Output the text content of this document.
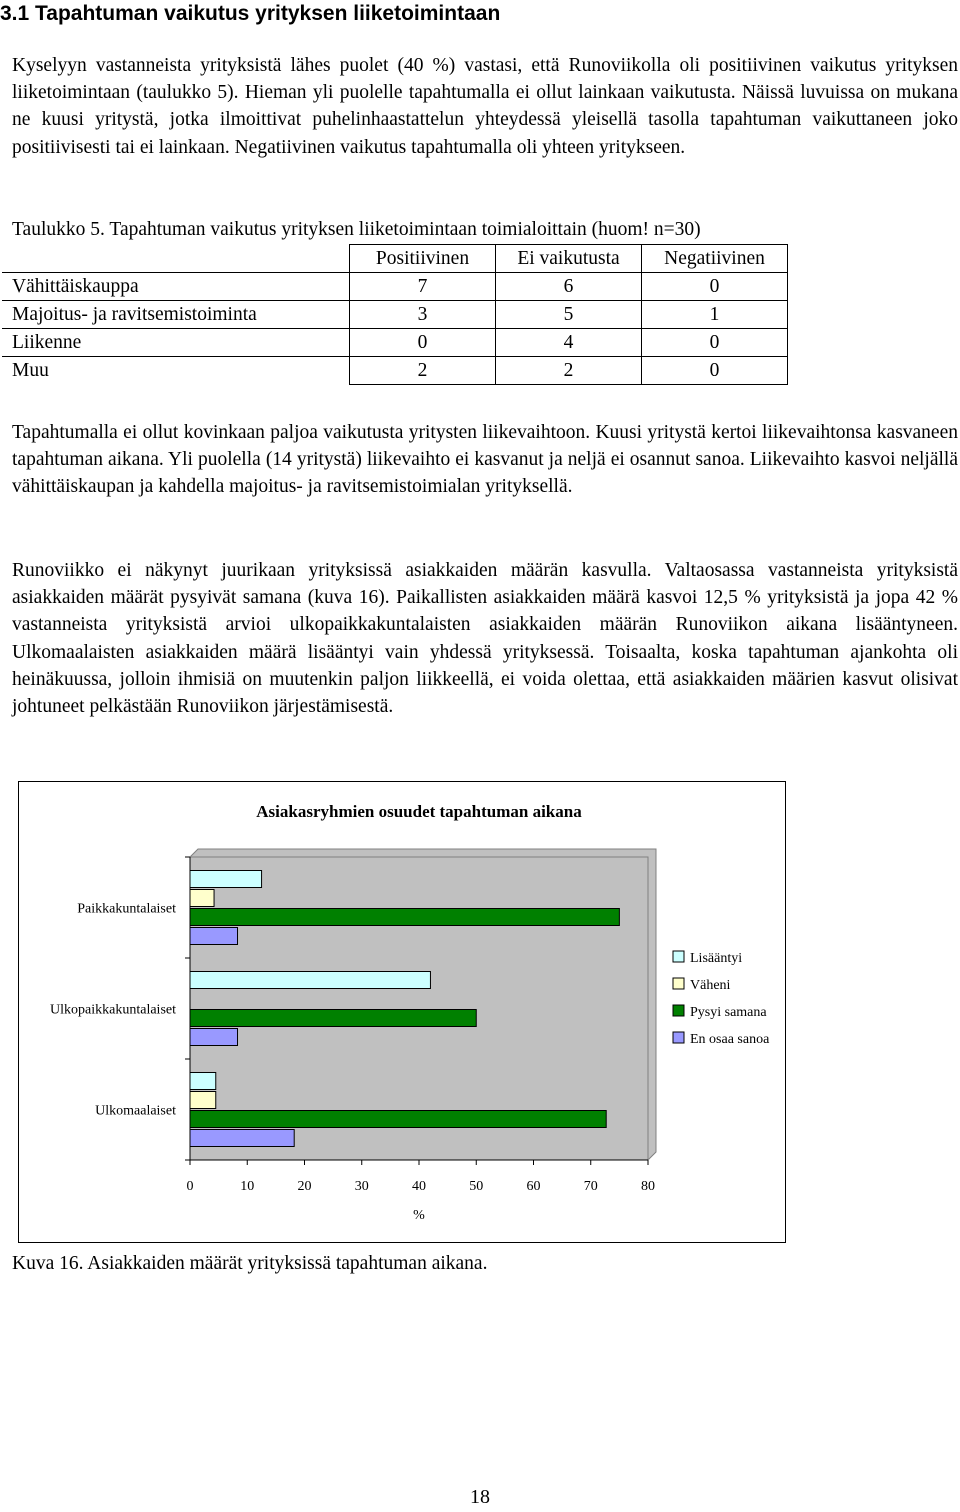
3.1 Tapahtuman vaikutus yrityksen liiketoimintaan

Kyselyyn vastanneista yrityksistä lähes puolet (40 %) vastasi, että Runoviikolla oli positiivinen vaikutus yrityksen liiketoimintaan (taulukko 5). Hieman yli puolelle tapahtumalla ei ollut lainkaan vaikutusta. Näissä luvuissa on mukana ne kuusi yritystä, jotka ilmoittivat puhelinhaastattelun yhteydessä yleisellä tasolla tapahtuman vaikuttaneen joko positiivisesti tai ei lainkaan. Negatiivinen vaikutus tapahtumalla oli yhteen yritykseen.

Taulukko 5. Tapahtuman vaikutus yrityksen liiketoimintaan toimialoittain (huom! n=30)
	Positiivinen	Ei vaikutusta	Negatiivinen
Vähittäiskauppa	7	6	0
Majoitus- ja ravitsemistoiminta	3	5	1
Liikenne	0	4	0
Muu	2	2	0

Tapahtumalla ei ollut kovinkaan paljoa vaikutusta yritysten liikevaihtoon. Kuusi yritystä kertoi liikevaihtonsa kasvaneen tapahtuman aikana. Yli puolella (14 yritystä) liikevaihto ei kasvanut ja neljä ei osannut sanoa. Liikevaihto kasvoi neljällä vähittäiskaupan ja kahdella majoitus- ja ravitsemistoimialan yrityksellä.

Runoviikko ei näkynyt juurikaan yrityksissä asiakkaiden määrän kasvulla. Valtaosassa vastanneista yrityksistä asiakkaiden määrät pysyivät samana (kuva 16). Paikallisten asiakkaiden määrä kasvoi 12,5 % yrityksistä ja jopa 42 % vastanneista yrityksistä arvioi ulkopaikkakuntalaisten asiakkaiden määrän Runoviikon aikana lisääntyneen. Ulkomaalaisten asiakkaiden määrä lisääntyi vain yhdessä yrityksessä. Toisaalta, koska tapahtuman ajankohta oli heinäkuussa, jolloin ihmisiä on muutenkin paljon liikkeellä, ei voida olettaa, että asiakkaiden määrien kasvut olisivat johtuneet pelkästään Runoviikon järjestämisestä.

Asiakasryhmien osuudet tapahtuman aikana
0	10	20	30	40	50	60	70	80
%
Paikkakuntalaiset
Ulkopaikkakuntalaiset
Ulkomaalaiset
Lisääntyi
Väheni
Pysyi samana
En osaa sanoa
Kuva 16. Asiakkaiden määrät yrityksissä tapahtuman aikana.
18
